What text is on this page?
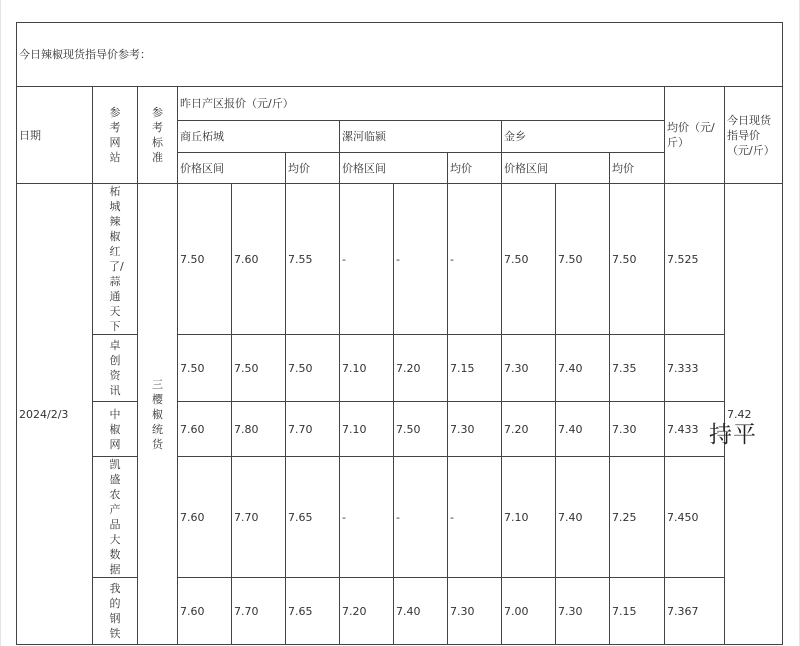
今日辣椒现货指导价参考：													
日期	参考网站	参考标准	昨日产区报价（元/斤）									均价（元/斤）	今日现货指导价（元/斤）
			商丘柘城			漯河临颍			金乡				
			价格区间		均价	价格区间		均价	价格区间		均价		
2024/2/3	柘城辣椒红了/蒜通天下	三樱椒统货	7.50	7.60	7.55	-	-	-	7.50	7.50	7.50	7.525	7.42

	卓创资讯		7.50	7.50	7.50	7.10	7.20	7.15	7.30	7.40	7.35	7.333	

	中椒网		7.60	7.80	7.70	7.10	7.50	7.30	7.20	7.40	7.30	7.433	

	凯盛农产品大数据		7.60	7.70	7.65	-	-	-	7.10	7.40	7.25	7.450	

	我的钢铁		7.60	7.70	7.65	7.20	7.40	7.30	7.00	7.30	7.15	7.367	
持平
